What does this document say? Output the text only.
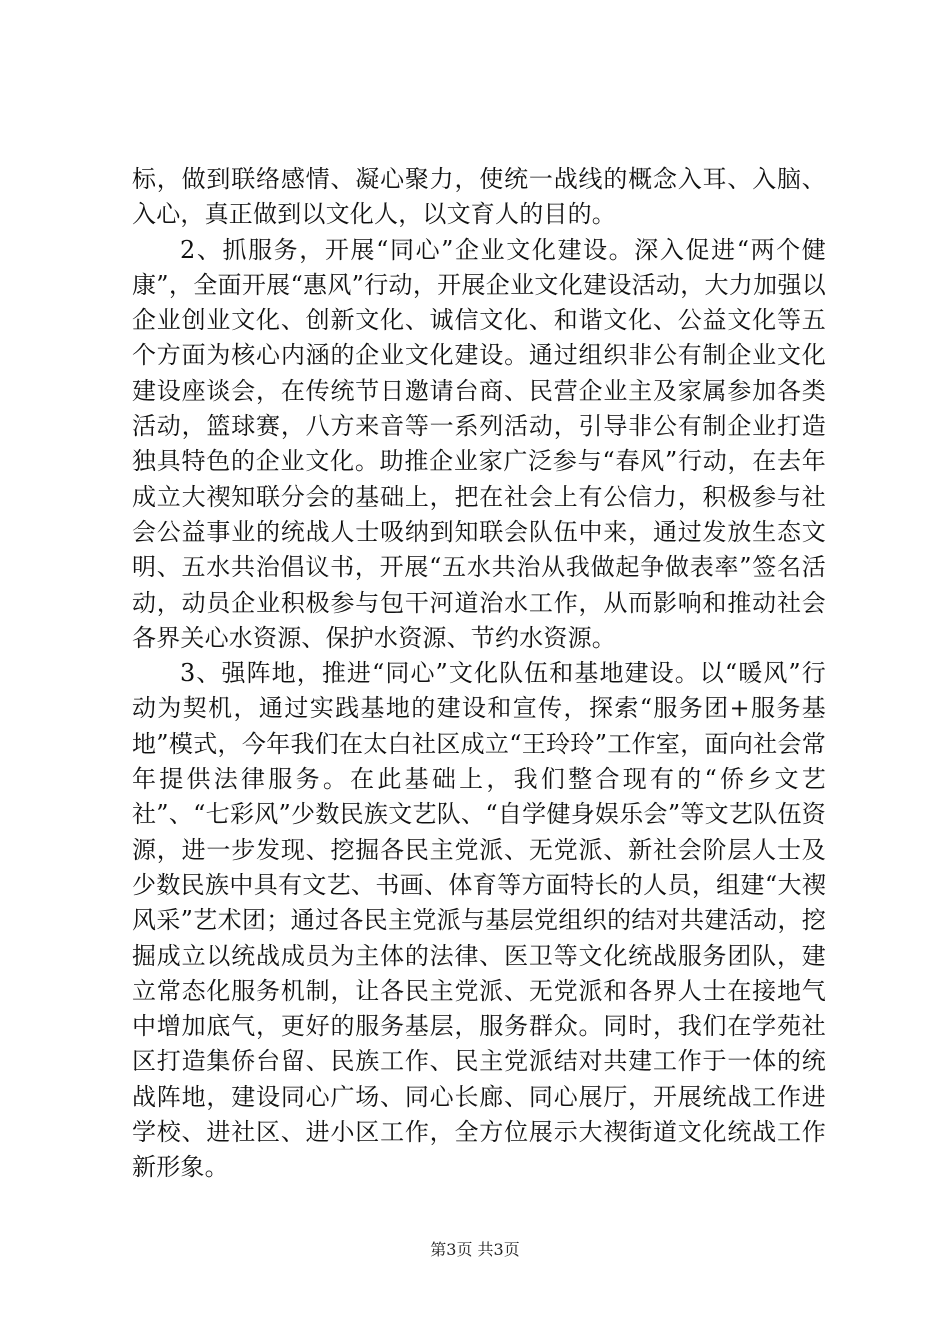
标，做到联络感情、凝心聚力，使统一战线的概念入耳、入脑、入心，真正做到以文化人，以文育人的目的。

2、抓服务，开展“同心”企业文化建设。深入促进“两个健康”，全面开展“惠风”行动，开展企业文化建设活动，大力加强以企业创业文化、创新文化、诚信文化、和谐文化、公益文化等五个方面为核心内涵的企业文化建设。通过组织非公有制企业文化建设座谈会，在传统节日邀请台商、民营企业主及家属参加各类活动，篮球赛，八方来音等一系列活动，引导非公有制企业打造独具特色的企业文化。助推企业家广泛参与“春风”行动，在去年成立大禊知联分会的基础上，把在社会上有公信力，积极参与社会公益事业的统战人士吸纳到知联会队伍中来，通过发放生态文明、五水共治倡议书，开展“五水共治从我做起争做表率”签名活动，动员企业积极参与包干河道治水工作，从而影响和推动社会各界关心水资源、保护水资源、节约水资源。

3、强阵地，推进“同心”文化队伍和基地建设。以“暖风”行动为契机，通过实践基地的建设和宣传，探索“服务团+服务基地”模式，今年我们在太白社区成立“王玲玲”工作室，面向社会常年提供法律服务。在此基础上，我们整合现有的“侨乡文艺社”、“七彩风”少数民族文艺队、“自学健身娱乐会”等文艺队伍资源，进一步发现、挖掘各民主党派、无党派、新社会阶层人士及少数民族中具有文艺、书画、体育等方面特长的人员，组建“大禊风采”艺术团；通过各民主党派与基层党组织的结对共建活动，挖掘成立以统战成员为主体的法律、医卫等文化统战服务团队，建立常态化服务机制，让各民主党派、无党派和各界人士在接地气中增加底气，更好的服务基层，服务群众。同时，我们在学苑社区打造集侨台留、民族工作、民主党派结对共建工作于一体的统战阵地，建设同心广场、同心长廊、同心展厅，开展统战工作进学校、进社区、进小区工作，全方位展示大禊街道文化统战工作新形象。

第3页 共3页
